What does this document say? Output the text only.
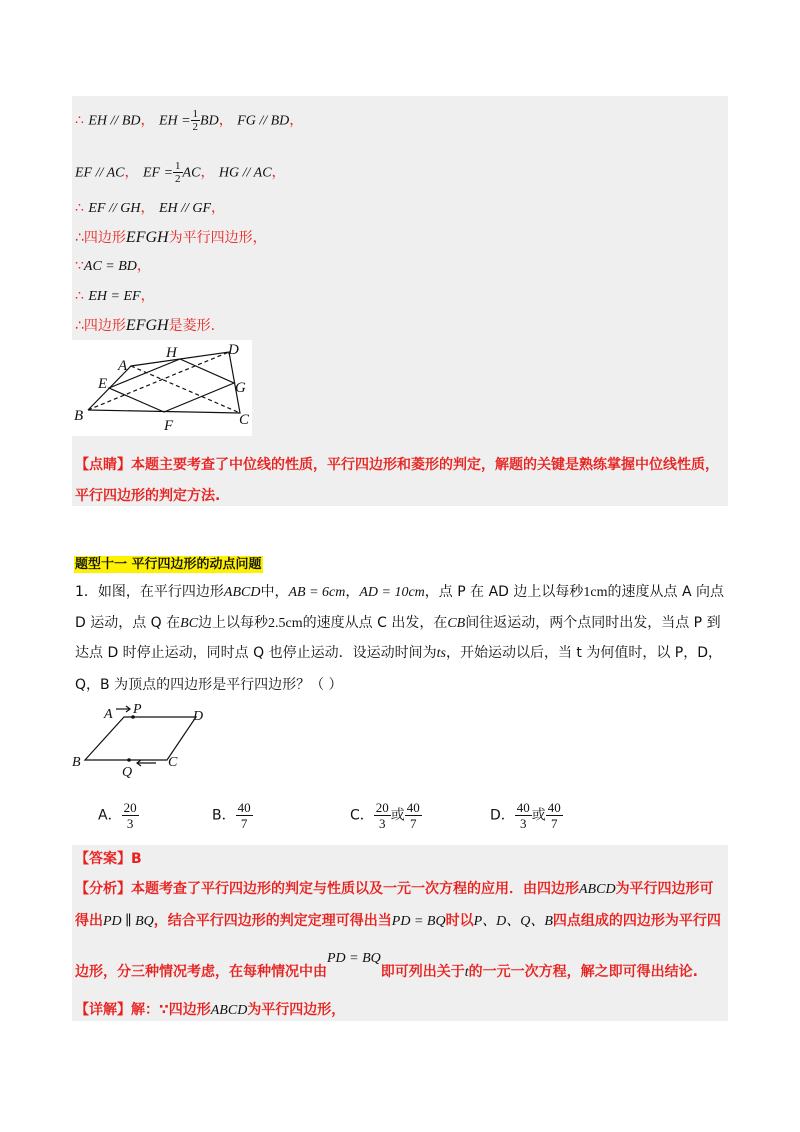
∴ EH // BD， EH = $\frac{1}{2}$ BD， FG // BD，
EF // AC， EF = $\frac{1}{2}$ AC， HG // AC，
∴ EF // GH， EH // GF，
∴四边形EFGH为平行四边形，
∵AC = BD，
∴ EH = EF，
∴四边形EFGH是菱形.
A
H	D
E	G
B
F	C
【点睛】本题主要考查了中位线的性质，平行四边形和菱形的判定，解题的关键是熟练掌握中位线性质，
平行四边形的判定方法.
题型十一 平行四边形的动点问题
1．如图，在平行四边形ABCD中，AB = 6cm，AD = 10cm，点 P 在 AD 边上以每秒1cm的速度从点 A 向点
D 运动，点 Q 在BC边上以每秒2.5cm的速度从点 C 出发，在CB间往返运动，两个点同时出发，当点 P 到
达点 D 时停止运动，同时点 Q 也停止运动．设运动时间为ts，开始运动以后，当 t 为何值时，以 P，D，
Q，B 为顶点的四边形是平行四边形？（ ）
A P	D
B
Q
C
A． $\frac{20}{3}$	B． $\frac{40}{7}$	C． $\frac{20}{3}$ 或 $\frac{40}{7}$	D． $\frac{40}{3}$ 或 $\frac{40}{7}$
【答案】B
【分析】本题考查了平行四边形的判定与性质以及一元一次方程的应用．由四边形ABCD为平行四边形可
得出PD ∥ BQ，结合平行四边形的判定定理可得出当PD = BQ时以P、D、Q、B四点组成的四边形为平行四
边形，分三种情况考虑，在每种情况中由PD = BQ即可列出关于t的一元一次方程，解之即可得出结论.
【详解】解：∵四边形ABCD为平行四边形，
